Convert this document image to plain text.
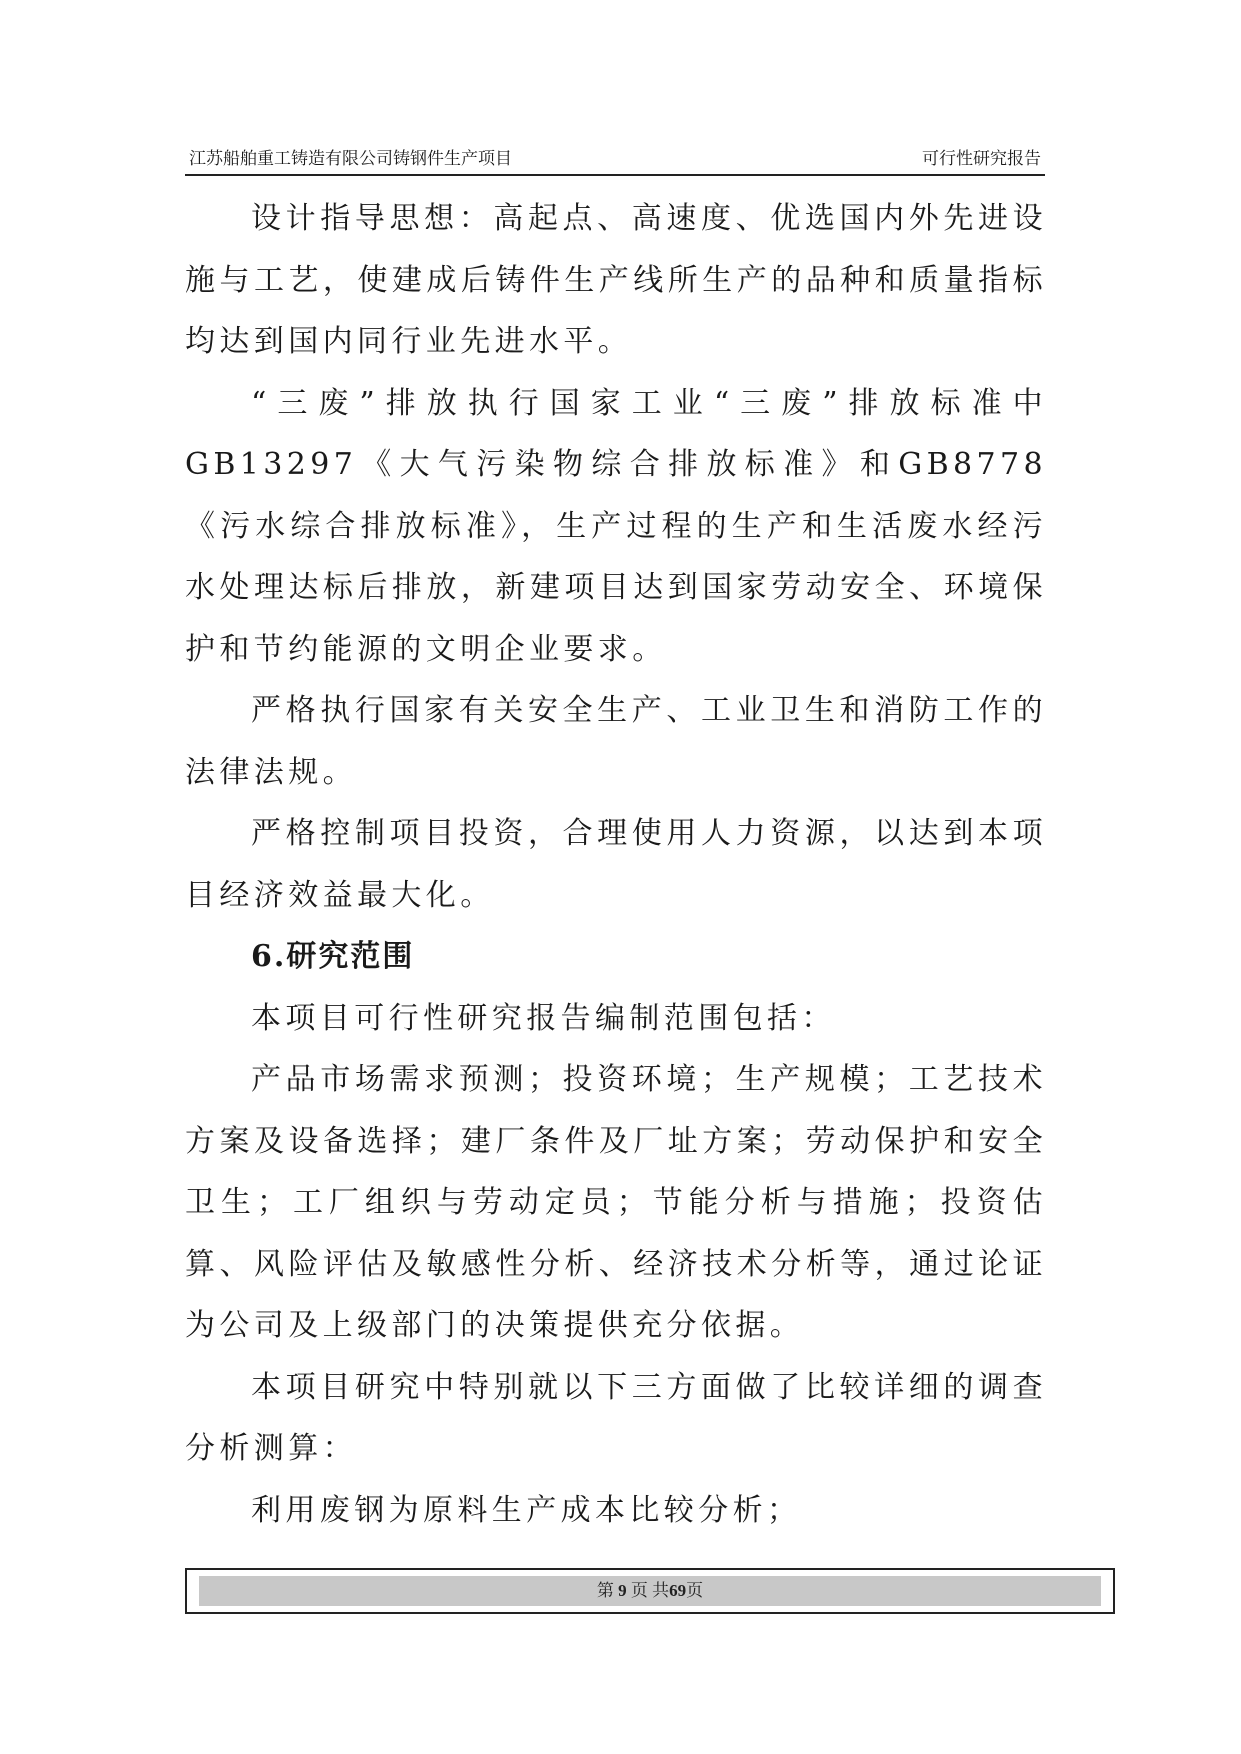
江苏船舶重工铸造有限公司铸钢件生产项目	可行性研究报告

设计指导思想：高起点、高速度、优选国内外先进设施与工艺，使建成后铸件生产线所生产的品种和质量指标均达到国内同行业先进水平。

“三废”排放执行国家工业“三废”排放标准中GB13297《大气污染物综合排放标准》和GB8778《污水综合排放标准》，生产过程的生产和生活废水经污水处理达标后排放，新建项目达到国家劳动安全、环境保护和节约能源的文明企业要求。

严格执行国家有关安全生产、工业卫生和消防工作的法律法规。

严格控制项目投资，合理使用人力资源，以达到本项目经济效益最大化。

6.研究范围

本项目可行性研究报告编制范围包括：

产品市场需求预测；投资环境；生产规模；工艺技术方案及设备选择；建厂条件及厂址方案；劳动保护和安全卫生；工厂组织与劳动定员；节能分析与措施；投资估算、风险评估及敏感性分析、经济技术分析等，通过论证为公司及上级部门的决策提供充分依据。

本项目研究中特别就以下三方面做了比较详细的调查分析测算：

利用废钢为原料生产成本比较分析；

第 9 页 共69页
